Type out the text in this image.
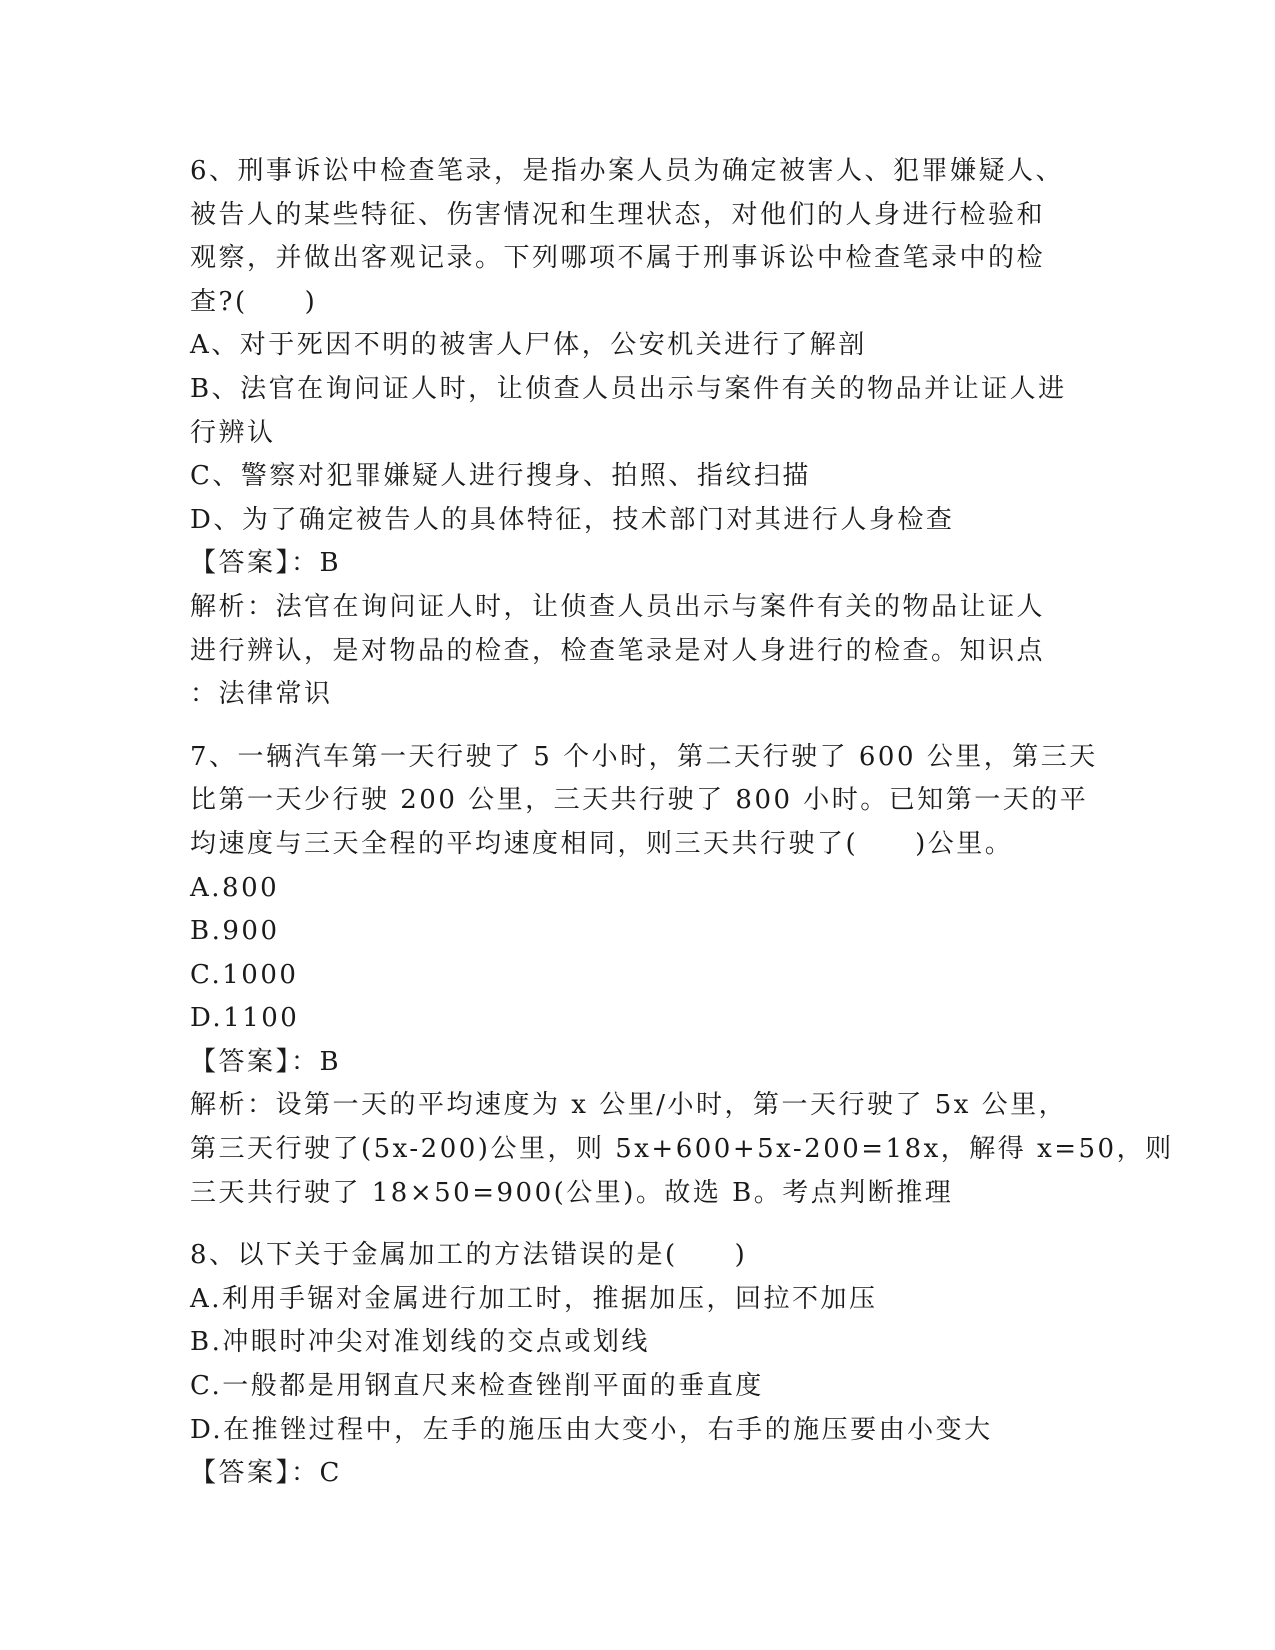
6、刑事诉讼中检查笔录，是指办案人员为确定被害人、犯罪嫌疑人、
被告人的某些特征、伤害情况和生理状态，对他们的人身进行检验和
观察，并做出客观记录。下列哪项不属于刑事诉讼中检查笔录中的检
查?(　　)
A、对于死因不明的被害人尸体，公安机关进行了解剖
B、法官在询问证人时，让侦查人员出示与案件有关的物品并让证人进
行辨认
C、警察对犯罪嫌疑人进行搜身、拍照、指纹扫描
D、为了确定被告人的具体特征，技术部门对其进行人身检查
【答案】：B
解析：法官在询问证人时，让侦查人员出示与案件有关的物品让证人
进行辨认，是对物品的检查，检查笔录是对人身进行的检查。知识点
：法律常识
7、一辆汽车第一天行驶了 5 个小时，第二天行驶了 600 公里，第三天
比第一天少行驶 200 公里，三天共行驶了 800 小时。已知第一天的平
均速度与三天全程的平均速度相同，则三天共行驶了(　　)公里。
A.800
B.900
C.1000
D.1100
【答案】：B
解析：设第一天的平均速度为 x 公里/小时，第一天行驶了 5x 公里，
第三天行驶了(5x-200)公里，则 5x+600+5x-200=18x，解得 x=50，则
三天共行驶了 18×50=900(公里)。故选 B。考点判断推理
8、以下关于金属加工的方法错误的是(　　)
A.利用手锯对金属进行加工时，推据加压，回拉不加压
B.冲眼时冲尖对准划线的交点或划线
C.一般都是用钢直尺来检查锉削平面的垂直度
D.在推锉过程中，左手的施压由大变小，右手的施压要由小变大
【答案】：C
